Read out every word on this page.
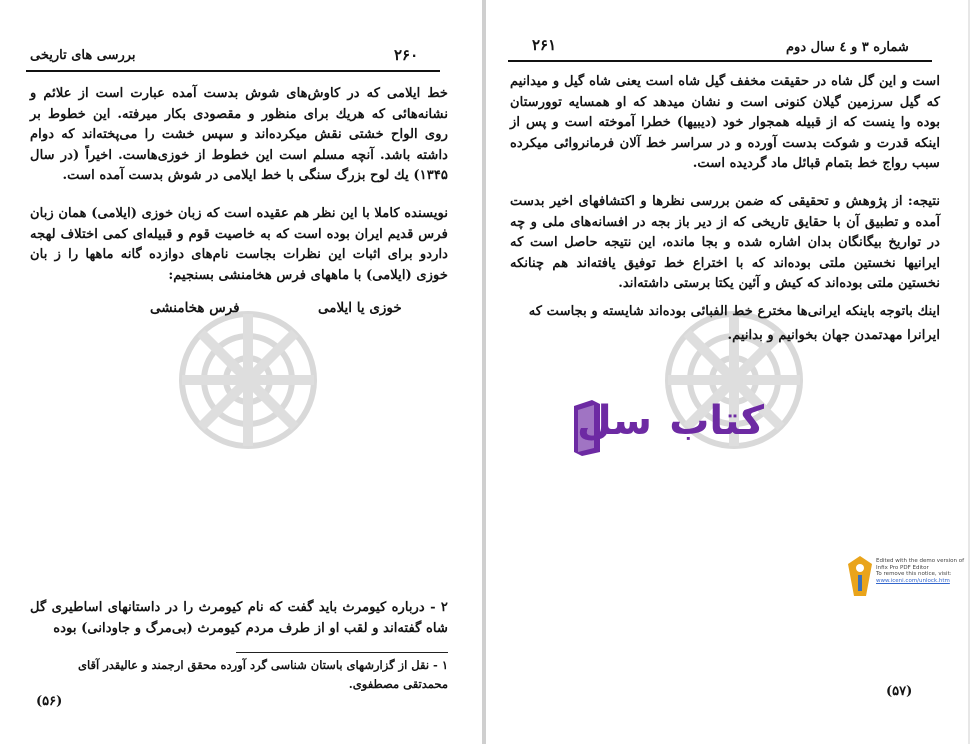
بررسی های تاریخی	۲۶۰

خط ایلامی که در کاوش‌های شوش بدست آمده عبارت است از علائم و نشانه‌هائی که هریك برای منظور و مقصودی بکار میرفته. این خطوط بر روی الواح خشتی نقش میکرده‌اند و سپس خشت را می‌پخته‌اند که دوام داشته باشد. آنچه مسلم است این خطوط از خوزی‌هاست. اخیراً (در سال ۱۳۴۵) یك لوح بزرگ سنگی با خط ایلامی در شوش بدست آمده است.

نویسنده کاملا با این نظر هم عقیده است که زبان خوزی (ایلامی) همان زبان فرس قدیم ایران بوده است که به خاصیت قوم و قبیله‌ای کمی اختلاف لهجه داردو برای اثبات این نظرات بجاست نام‌های دوازده گانه ماهها را ز بان خوزی (ایلامی) با ماههای فرس هخامنشی بسنجیم:

خوزی یا ایلامی
فرس هخامنشی

۲ - درباره کیومرث باید گفت که نام کیومرث را در داستانهای اساطیری گل شاه گفته‌اند و لقب او از طرف مردم کیومرث (بی‌مرگ و جاودانی) بوده

۱ - نقل از گزارشهای باستان شناسی گرد آورده محقق ارجمند و عالیقدر آقای محمدتقی مصطفوی.
(۵۶)
شماره ۳ و ٤ سال دوم
۲۶۱

است و این گل شاه در حقیقت مخفف گیل شاه است یعنی شاه گیل و میدانیم که گیل سرزمین گیلان کنونی است و نشان میدهد که او همسایه توورستان بوده وا ینست که از قبیله همجوار خود (دیبیها) خطرا آموخته است و پس از اینکه قدرت و شوکت بدست آورده و در سراسر خط آلان فرمانروائی میکرده سبب رواج خط بتمام قبائل ماد گردیده است.

نتیجه: از پژوهش و تحقیقی که ضمن بررسی نظرها و اکتشافهای اخیر بدست آمده و تطبیق آن با حقایق تاریخی که از دیر باز بجه در افسانه‌های ملی و چه در تواریخ بیگانگان بدان اشاره شده و بجا مانده، این نتیجه حاصل است که ایرانیها نخستین ملتی بوده‌اند که با اختراع خط توفیق یافته‌اند هم چنانکه نخستین ملتی بوده‌اند که کیش و آئین یکتا برستی داشته‌اند.

اینك باتوجه باینکه ایرانی‌ها مخترع خط الفبائی بوده‌اند شایسته و بجاست که

ایرانرا مهدتمدن جهان بخوانیم و بدانیم.

(۵۷)
کتاب
سل
Edited with the demo version of
Infix Pro PDF Editor
To remove this notice, visit:
www.iceni.com/unlock.htm
